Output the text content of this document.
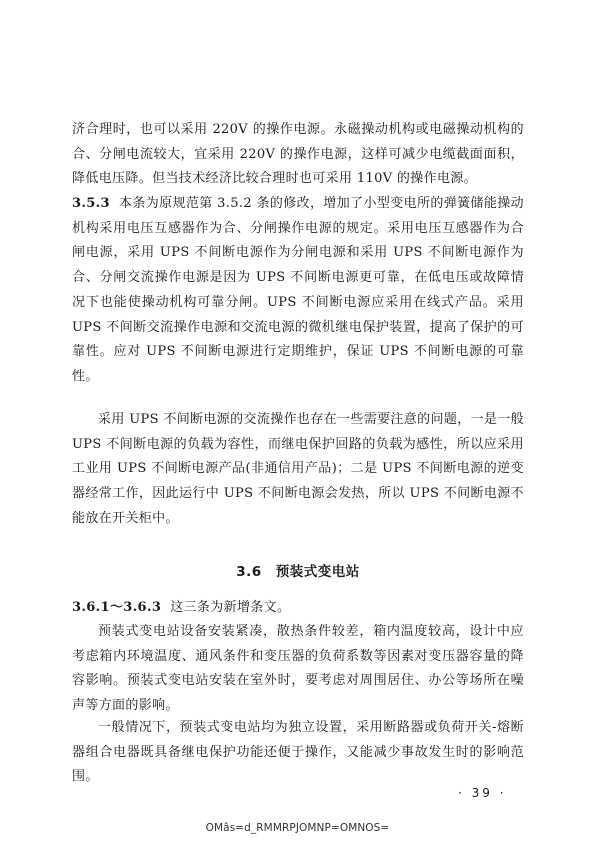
济合理时，也可以采用 220V 的操作电源。永磁操动机构或电磁操动机构的合、分闸电流较大，宜采用 220V 的操作电源，这样可减少电缆截面面积，降低电压降。但当技术经济比较合理时也可采用 110V 的操作电源。

3.5.3 本条为原规范第 3.5.2 条的修改，增加了小型变电所的弹簧储能操动机构采用电压互感器作为合、分闸操作电源的规定。采用电压互感器作为合闸电源，采用 UPS 不间断电源作为分闸电源和采用 UPS 不间断电源作为合、分闸交流操作电源是因为 UPS 不间断电源更可靠，在低电压或故障情况下也能使操动机构可靠分闸。UPS 不间断电源应采用在线式产品。采用 UPS 不间断交流操作电源和交流电源的微机继电保护装置，提高了保护的可靠性。应对 UPS 不间断电源进行定期维护，保证 UPS 不间断电源的可靠性。

采用 UPS 不间断电源的交流操作也存在一些需要注意的问题，一是一般 UPS 不间断电源的负载为容性，而继电保护回路的负载为感性，所以应采用工业用 UPS 不间断电源产品(非通信用产品)；二是 UPS 不间断电源的逆变器经常工作，因此运行中 UPS 不间断电源会发热，所以 UPS 不间断电源不能放在开关柜中。

3.6 预装式变电站

3.6.1～3.6.3 这三条为新增条文。

预装式变电站设备安装紧凑，散热条件较差，箱内温度较高，设计中应考虑箱内环境温度、通风条件和变压器的负荷系数等因素对变压器容量的降容影响。预装式变电站安装在室外时，要考虑对周围居住、办公等场所在噪声等方面的影响。

一般情况下，预装式变电站均为独立设置，采用断路器或负荷开关-熔断器组合电器既具备继电保护功能还便于操作，又能减少事故发生时的影响范围。

· 39 ·
OMâs=d_RMMRPJOMNP=OMNOS=
